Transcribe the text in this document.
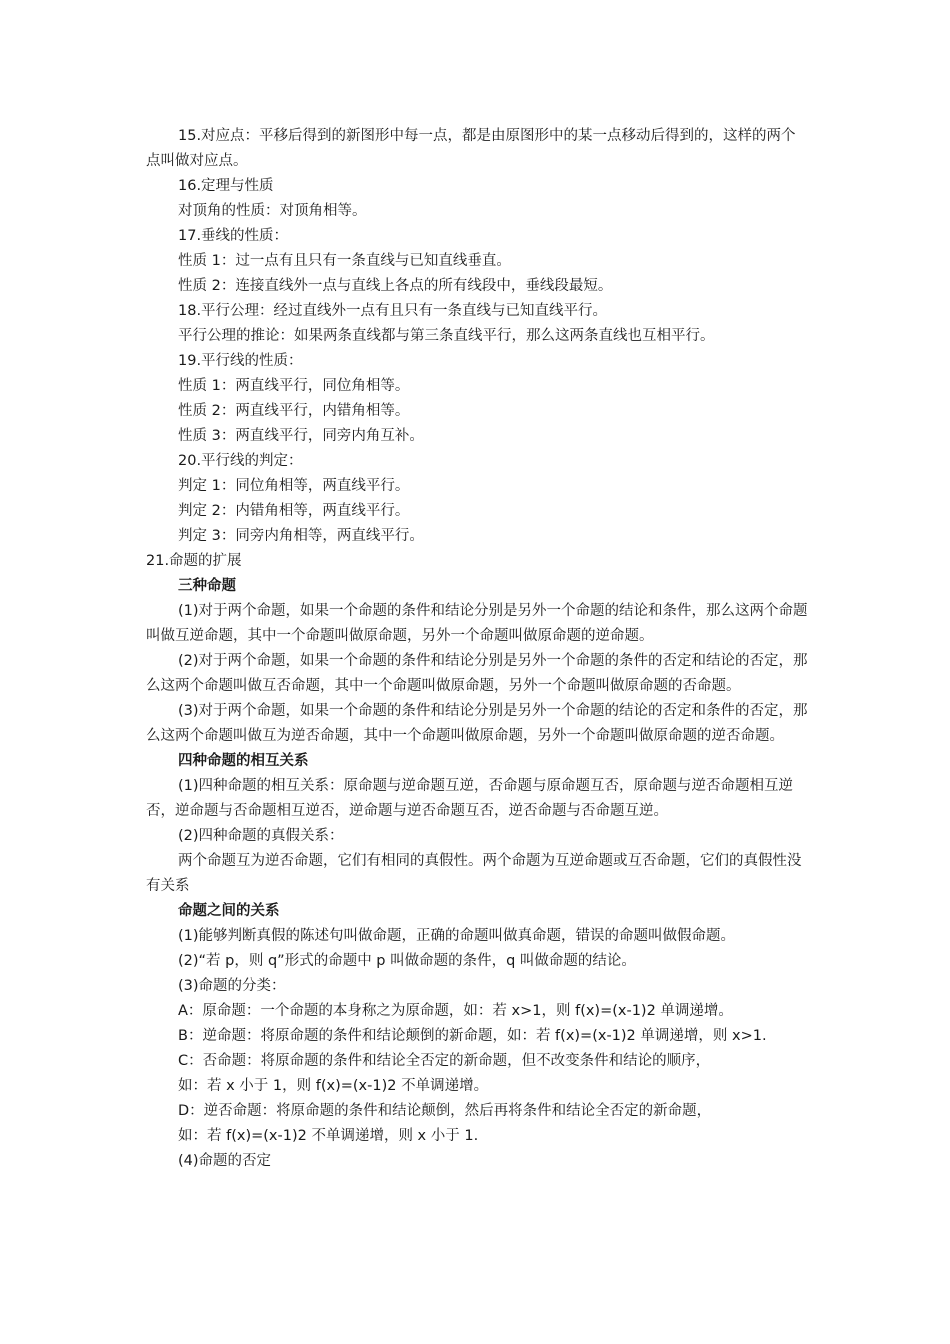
15.对应点：平移后得到的新图形中每一点，都是由原图形中的某一点移动后得到的，这样的两个点叫做对应点。

16.定理与性质

对顶角的性质：对顶角相等。

17.垂线的性质：

性质 1：过一点有且只有一条直线与已知直线垂直。

性质 2：连接直线外一点与直线上各点的所有线段中，垂线段最短。

18.平行公理：经过直线外一点有且只有一条直线与已知直线平行。

平行公理的推论：如果两条直线都与第三条直线平行，那么这两条直线也互相平行。

19.平行线的性质：

性质 1：两直线平行，同位角相等。

性质 2：两直线平行，内错角相等。

性质 3：两直线平行，同旁内角互补。

20.平行线的判定：

判定 1：同位角相等，两直线平行。

判定 2：内错角相等，两直线平行。

判定 3：同旁内角相等，两直线平行。

21.命题的扩展

三种命题

(1)对于两个命题，如果一个命题的条件和结论分别是另外一个命题的结论和条件，那么这两个命题叫做互逆命题，其中一个命题叫做原命题，另外一个命题叫做原命题的逆命题。

(2)对于两个命题，如果一个命题的条件和结论分别是另外一个命题的条件的否定和结论的否定，那么这两个命题叫做互否命题，其中一个命题叫做原命题，另外一个命题叫做原命题的否命题。

(3)对于两个命题，如果一个命题的条件和结论分别是另外一个命题的结论的否定和条件的否定，那么这两个命题叫做互为逆否命题，其中一个命题叫做原命题，另外一个命题叫做原命题的逆否命题。

四种命题的相互关系

(1)四种命题的相互关系：原命题与逆命题互逆，否命题与原命题互否，原命题与逆否命题相互逆否，逆命题与否命题相互逆否，逆命题与逆否命题互否，逆否命题与否命题互逆。

(2)四种命题的真假关系：

两个命题互为逆否命题，它们有相同的真假性。两个命题为互逆命题或互否命题，它们的真假性没有关系

命题之间的关系

(1)能够判断真假的陈述句叫做命题，正确的命题叫做真命题，错误的命题叫做假命题。

(2)“若 p，则 q”形式的命题中 p 叫做命题的条件，q 叫做命题的结论。

(3)命题的分类：

A：原命题：一个命题的本身称之为原命题，如：若 x>1，则 f(x)=(x-1)2 单调递增。

B：逆命题：将原命题的条件和结论颠倒的新命题，如：若 f(x)=(x-1)2 单调递增，则 x>1.

C：否命题：将原命题的条件和结论全否定的新命题，但不改变条件和结论的顺序，

如：若 x 小于 1，则 f(x)=(x-1)2 不单调递增。

D：逆否命题：将原命题的条件和结论颠倒，然后再将条件和结论全否定的新命题，

如：若 f(x)=(x-1)2 不单调递增，则 x 小于 1.

(4)命题的否定
